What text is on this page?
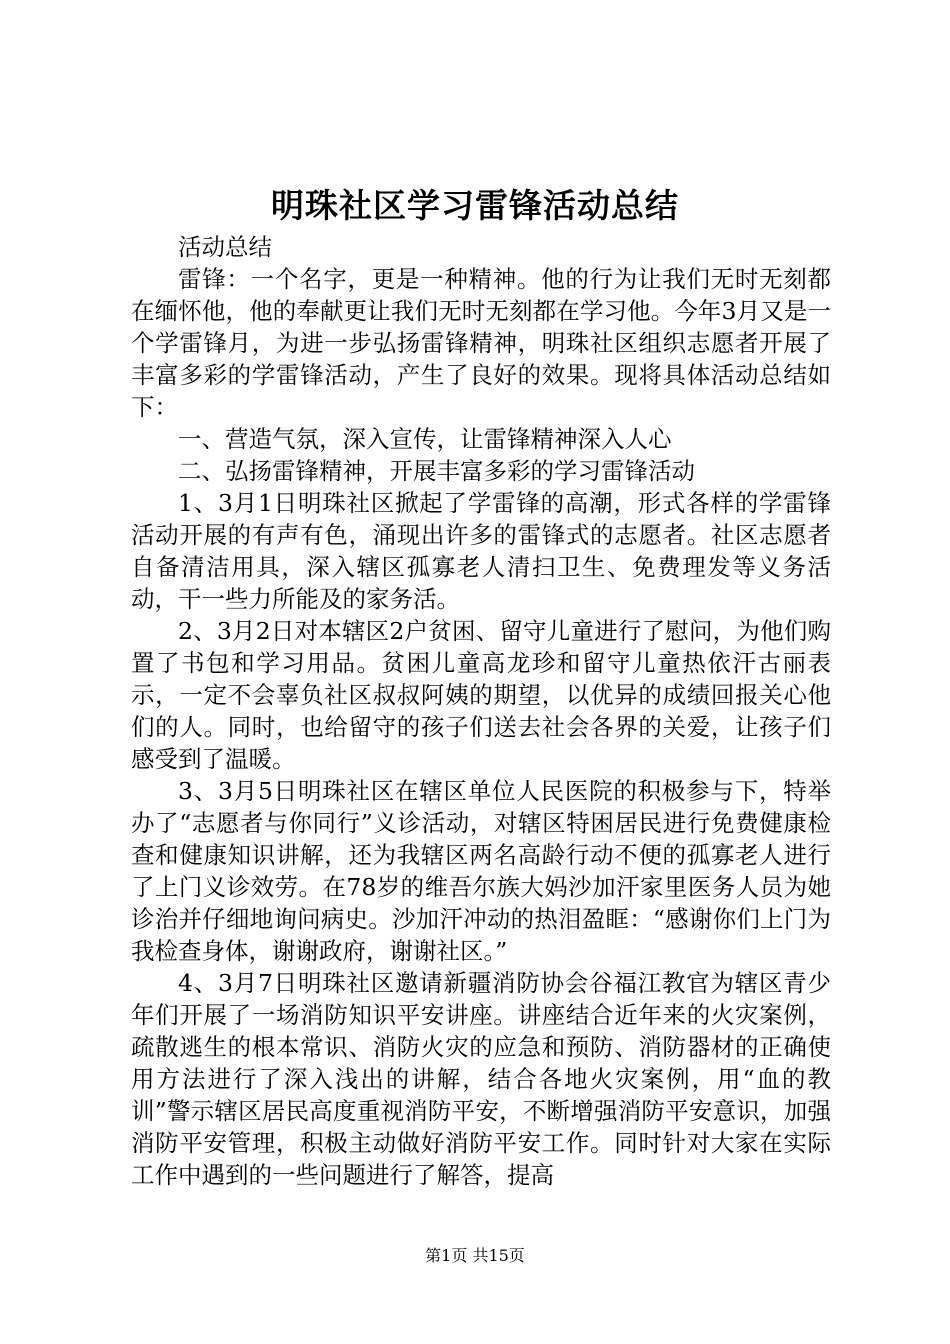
明珠社区学习雷锋活动总结

活动总结

雷锋：一个名字，更是一种精神。他的行为让我们无时无刻都在缅怀他，他的奉献更让我们无时无刻都在学习他。今年3月又是一个学雷锋月，为进一步弘扬雷锋精神，明珠社区组织志愿者开展了丰富多彩的学雷锋活动，产生了良好的效果。现将具体活动总结如下：

一、营造气氛，深入宣传，让雷锋精神深入人心

二、弘扬雷锋精神，开展丰富多彩的学习雷锋活动

1、3月1日明珠社区掀起了学雷锋的高潮，形式各样的学雷锋活动开展的有声有色，涌现出许多的雷锋式的志愿者。社区志愿者自备清洁用具，深入辖区孤寡老人清扫卫生、免费理发等义务活动，干一些力所能及的家务活。

2、3月2日对本辖区2户贫困、留守儿童进行了慰问，为他们购置了书包和学习用品。贫困儿童高龙珍和留守儿童热依汗古丽表示，一定不会辜负社区叔叔阿姨的期望，以优异的成绩回报关心他们的人。同时，也给留守的孩子们送去社会各界的关爱，让孩子们感受到了温暖。

3、3月5日明珠社区在辖区单位人民医院的积极参与下，特举办了“志愿者与你同行”义诊活动，对辖区特困居民进行免费健康检查和健康知识讲解，还为我辖区两名高龄行动不便的孤寡老人进行了上门义诊效劳。在78岁的维吾尔族大妈沙加汗家里医务人员为她诊治并仔细地询问病史。沙加汗冲动的热泪盈眶：“感谢你们上门为我检查身体，谢谢政府，谢谢社区。”

4、3月7日明珠社区邀请新疆消防协会谷福江教官为辖区青少年们开展了一场消防知识平安讲座。讲座结合近年来的火灾案例，疏散逃生的根本常识、消防火灾的应急和预防、消防器材的正确使用方法进行了深入浅出的讲解，结合各地火灾案例，用“血的教训”警示辖区居民高度重视消防平安，不断增强消防平安意识，加强消防平安管理，积极主动做好消防平安工作。同时针对大家在实际工作中遇到的一些问题进行了解答，提高

第1页 共15页
